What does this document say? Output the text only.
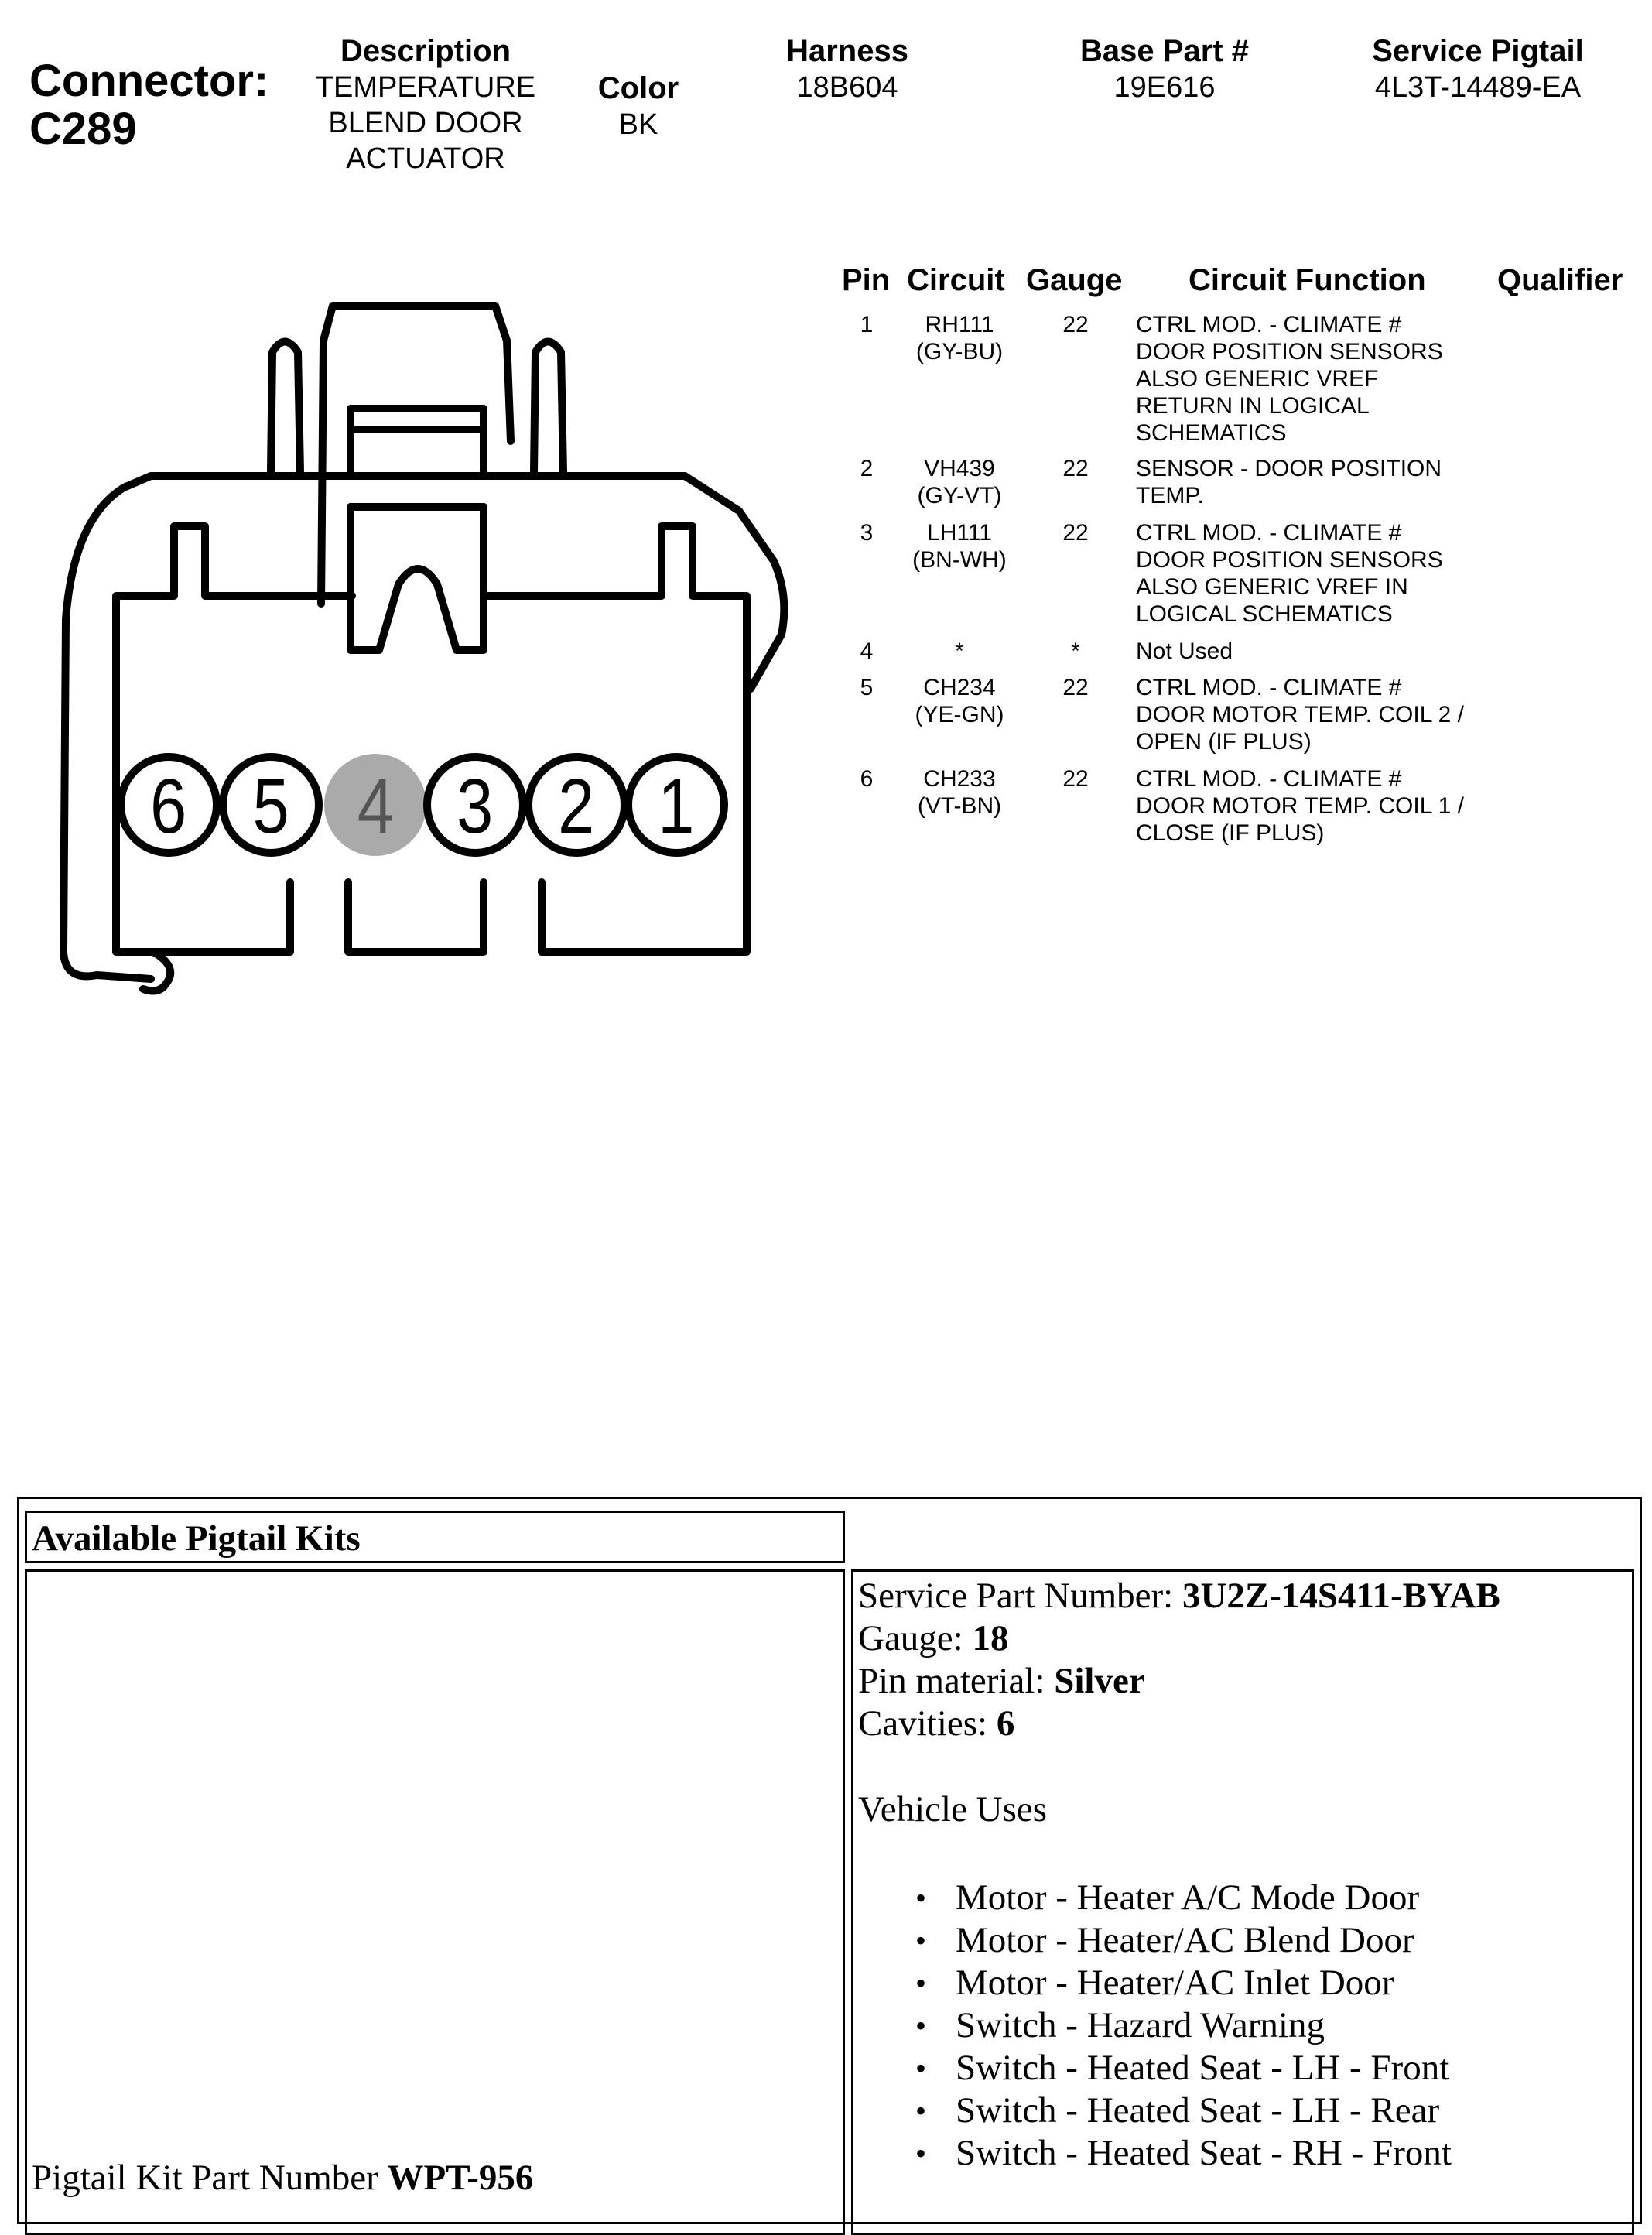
Connector:
C289
Description
TEMPERATURE
BLEND DOOR
ACTUATOR
Color
BK
Harness
18B604
Base Part #
19E616
Service Pigtail
4L3T-14489-EA
6 5 4 3 2 1
Pin Circuit Gauge Circuit Function Qualifier
1	RH111
(GY-BU)
22	CTRL MOD. - CLIMATE #
DOOR POSITION SENSORS
ALSO GENERIC VREF
RETURN IN LOGICAL
SCHEMATICS
2	VH439
(GY-VT)
22	SENSOR - DOOR POSITION
TEMP.
3	LH111
(BN-WH)
22	CTRL MOD. - CLIMATE #
DOOR POSITION SENSORS
ALSO GENERIC VREF IN
LOGICAL SCHEMATICS
4	*	*	Not Used
5	CH234
(YE-GN)
22	CTRL MOD. - CLIMATE #
DOOR MOTOR TEMP. COIL 2 /
OPEN (IF PLUS)
6	CH233
(VT-BN)
22	CTRL MOD. - CLIMATE #
DOOR MOTOR TEMP. COIL 1 /
CLOSE (IF PLUS)
Available Pigtail Kits
Pigtail Kit Part Number WPT-956
Service Part Number: 3U2Z-14S411-BYAB
Gauge: 18
Pin material: Silver
Cavities: 6
Vehicle Uses
• Motor - Heater A/C Mode Door
• Motor - Heater/AC Blend Door
• Motor - Heater/AC Inlet Door
• Switch - Hazard Warning
• Switch - Heated Seat - LH - Front
• Switch - Heated Seat - LH - Rear
• Switch - Heated Seat - RH - Front
